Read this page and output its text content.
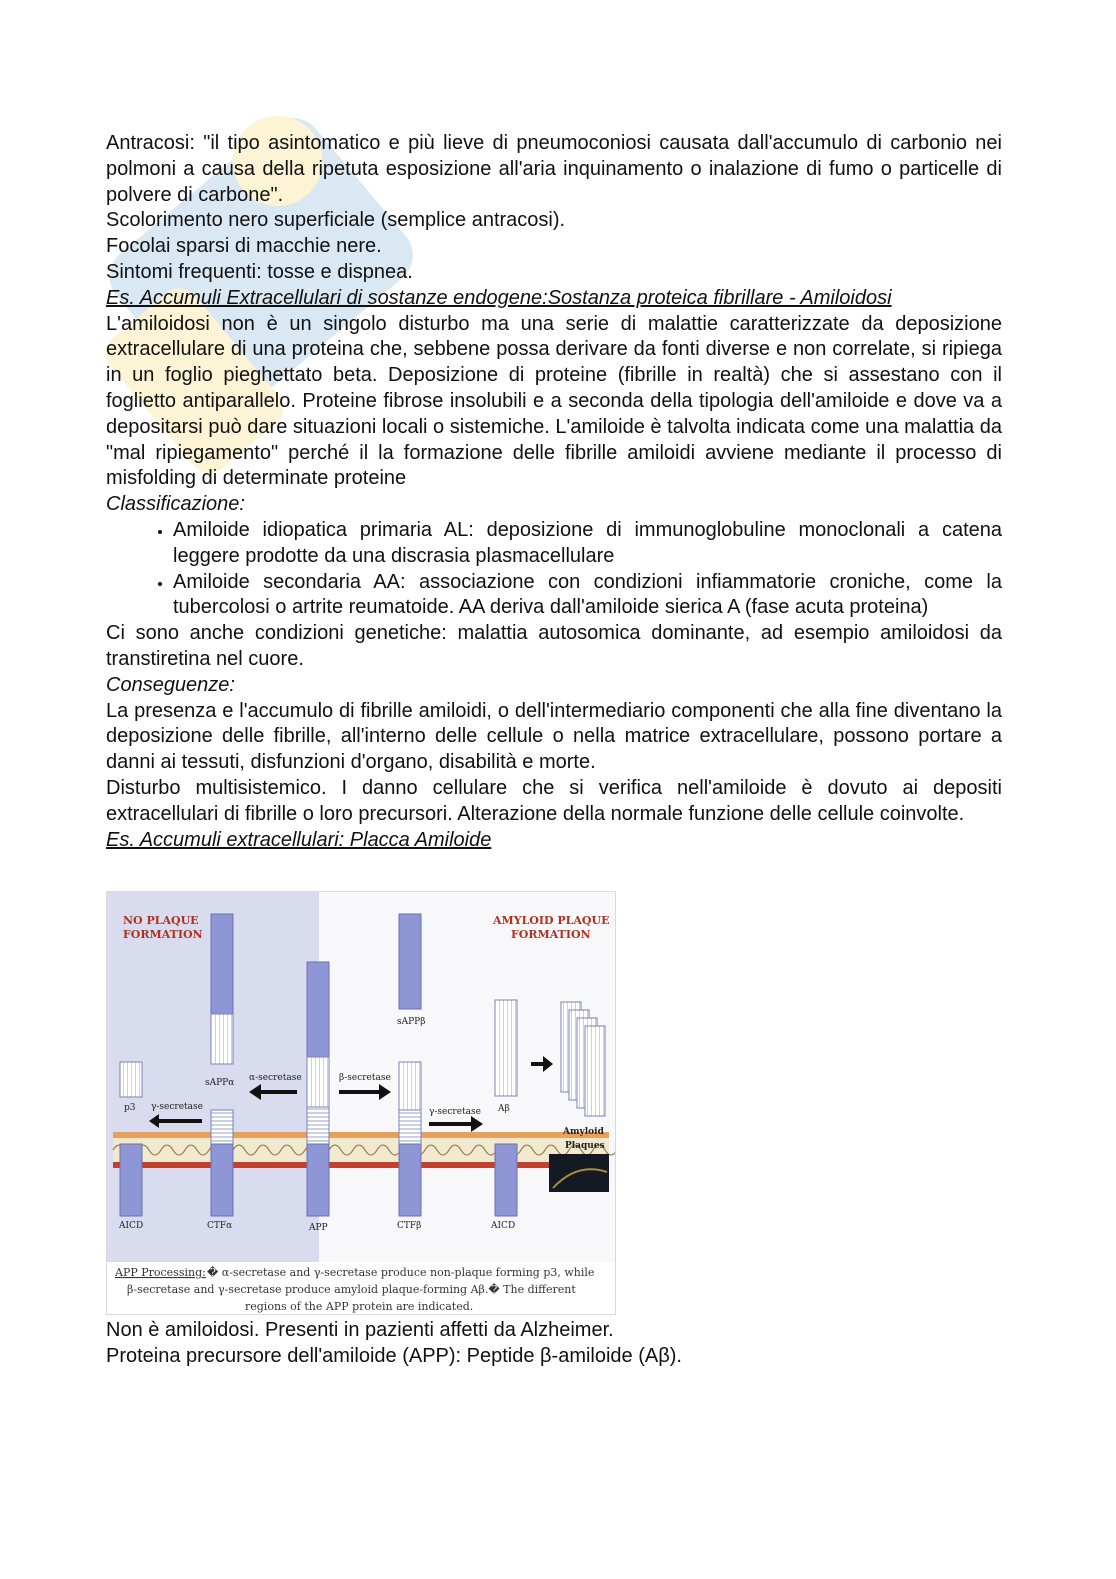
Antracosi: "il tipo asintomatico e più lieve di pneumoconiosi causata dall'accumulo di carbonio nei polmoni a causa della ripetuta esposizione all'aria inquinamento o inalazione di fumo o particelle di polvere di carbone".

Scolorimento nero superficiale (semplice antracosi).

Focolai sparsi di macchie nere.

Sintomi frequenti: tosse e dispnea.

Es. Accumuli Extracellulari di sostanze endogene:Sostanza proteica fibrillare - Amiloidosi

L'amiloidosi non è un singolo disturbo ma una serie di malattie caratterizzate da deposizione extracellulare di una proteina che, sebbene possa derivare da fonti diverse e non correlate, si ripiega in un foglio pieghettato beta. Deposizione di proteine (fibrille in realtà) che si assestano con il foglietto antiparallelo. Proteine fibrose insolubili e a seconda della tipologia dell'amiloide e dove va a depositarsi può dare situazioni locali o sistemiche. L'amiloide è talvolta indicata come una malattia da "mal ripiegamento" perché il la formazione delle fibrille amiloidi avviene mediante il processo di misfolding di determinate proteine

Classificazione:

• Amiloide idiopatica primaria AL: deposizione di immunoglobuline monoclonali a catena leggere prodotte da una discrasia plasmacellulare
• Amiloide secondaria AA: associazione con condizioni infiammatorie croniche, come la tubercolosi o artrite reumatoide. AA deriva dall'amiloide sierica A (fase acuta proteina)

Ci sono anche condizioni genetiche: malattia autosomica dominante, ad esempio amiloidosi da transtiretina nel cuore.

Conseguenze:

La presenza e l'accumulo di fibrille amiloidi, o dell'intermediario componenti che alla fine diventano la deposizione delle fibrille, all'interno delle cellule o nella matrice extracellulare, possono portare a danni ai tessuti, disfunzioni d'organo, disabilità e morte.

Disturbo multisistemico. I danno cellulare che si verifica nell'amiloide è dovuto ai depositi extracellulari di fibrille o loro precursori. Alterazione della normale funzione delle cellule coinvolte.

Es. Accumuli extracellulari: Placca Amiloide

NO PLAQUE
FORMATION
AMYLOID PLAQUE
FORMATION
p3
AICD
γ-secretase
sAPPα
CTFα
α-secretase
APP
β-secretase
sAPPβ
CTFβ
γ-secretase Aβ
AICD
Amyloid
Plaques
APP Processing: � α-secretase and γ-secretase produce non-plaque forming p3, while
β-secretase and γ-secretase produce amyloid plaque-forming Aβ.� The different
regions of the APP protein are indicated.

Non è amiloidosi. Presenti in pazienti affetti da Alzheimer.

Proteina precursore dell'amiloide (APP): Peptide β-amiloide (Aβ).
